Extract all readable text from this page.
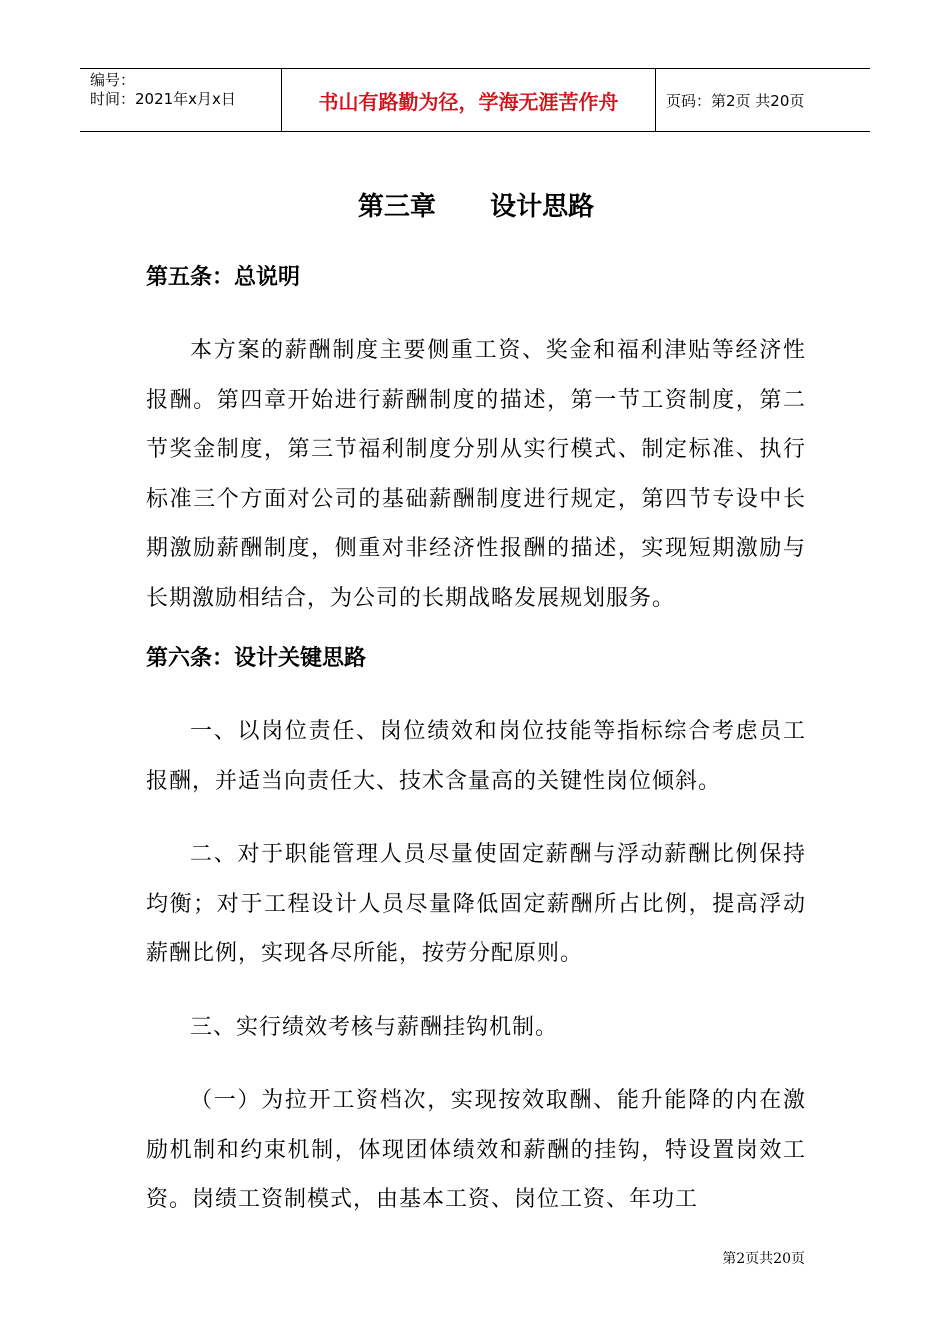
编号：
时间：2021年x月x日	书山有路勤为径，学海无涯苦作舟	页码：第2页 共20页
第三章      设计思路
第五条：总说明

本方案的薪酬制度主要侧重工资、奖金和福利津贴等经济性报酬。第四章开始进行薪酬制度的描述，第一节工资制度，第二节奖金制度，第三节福利制度分别从实行模式、制定标准、执行标准三个方面对公司的基础薪酬制度进行规定，第四节专设中长期激励薪酬制度，侧重对非经济性报酬的描述，实现短期激励与长期激励相结合，为公司的长期战略发展规划服务。

第六条：设计关键思路

一、以岗位责任、岗位绩效和岗位技能等指标综合考虑员工报酬，并适当向责任大、技术含量高的关键性岗位倾斜。

二、对于职能管理人员尽量使固定薪酬与浮动薪酬比例保持均衡；对于工程设计人员尽量降低固定薪酬所占比例，提高浮动薪酬比例，实现各尽所能，按劳分配原则。

三、实行绩效考核与薪酬挂钩机制。

（一）为拉开工资档次，实现按效取酬、能升能降的内在激励机制和约束机制，体现团体绩效和薪酬的挂钩，特设置岗效工资。岗绩工资制模式，由基本工资、岗位工资、年功工

第2页共20页
